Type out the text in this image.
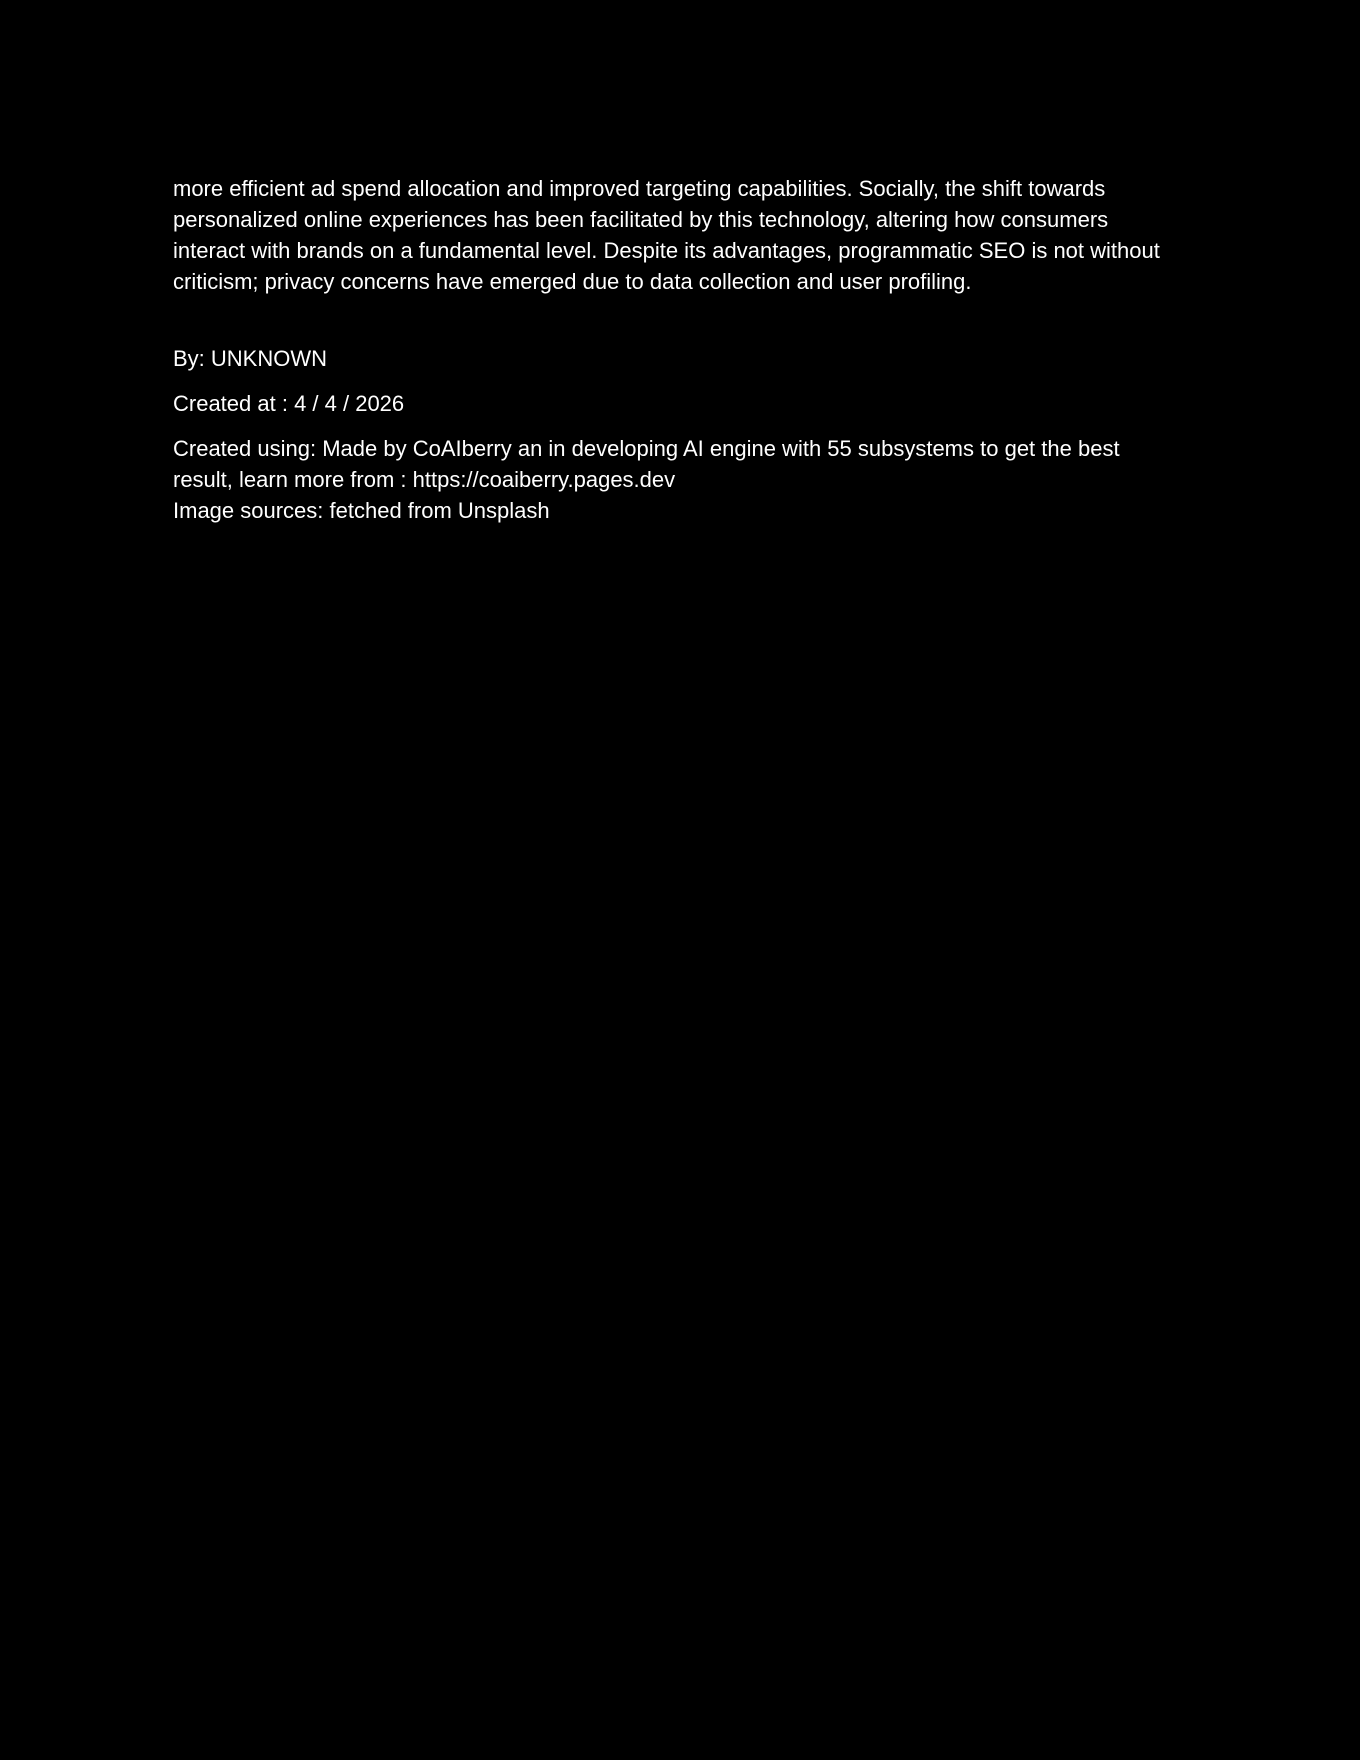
more efficient ad spend allocation and improved targeting capabilities. Socially, the shift towards personalized online experiences has been facilitated by this technology, altering how consumers interact with brands on a fundamental level. Despite its advantages, programmatic SEO is not without criticism; privacy concerns have emerged due to data collection and user profiling.

By: UNKNOWN

Created at : 4 / 4 / 2026

Created using: Made by CoAIberry an in developing AI engine with 55 subsystems to get the best result, learn more from : https://coaiberry.pages.dev

Image sources: fetched from Unsplash
